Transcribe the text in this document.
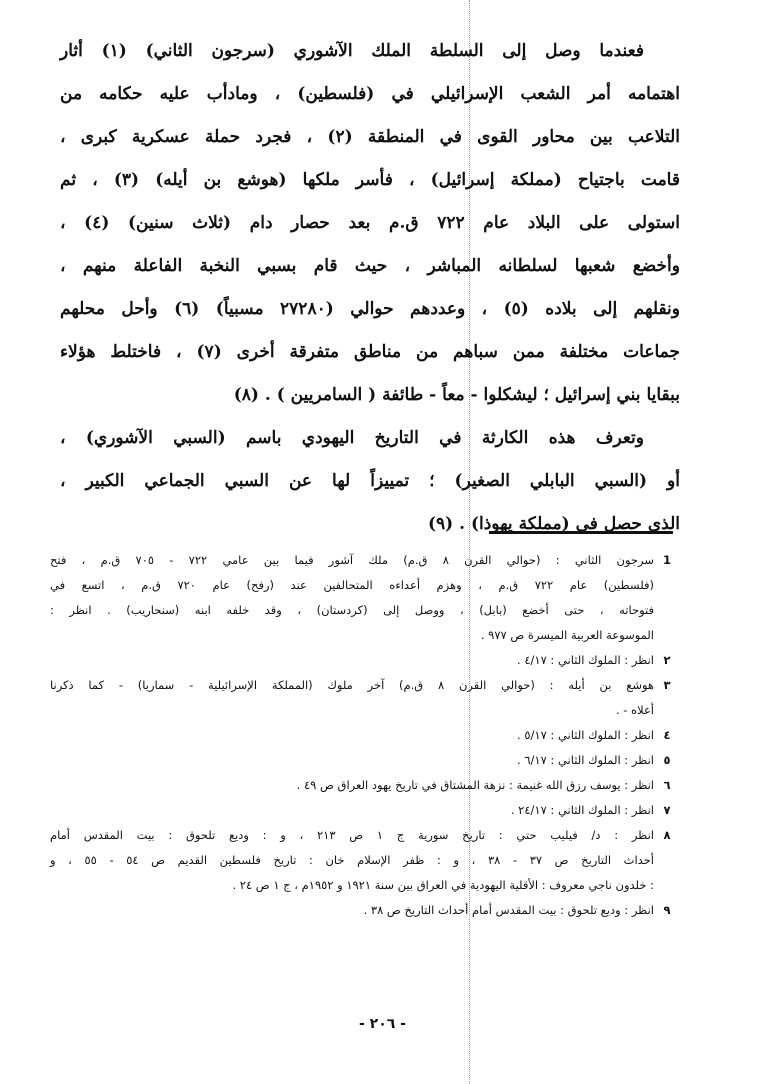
فعندما وصل إلى السلطة الملك الآشوري (سرجون الثاني) (١) أثار
اهتمامه أمر الشعب الإسرائيلي في (فلسطين) ، ومادأب عليه حكامه من
التلاعب بين محاور القوى في المنطقة (٢) ، فجرد حملة عسكرية كبرى ،
قامت باجتياح (مملكة إسرائيل) ، فأسر ملكها (هوشع بن أيله) (٣) ، ثم
استولى على البلاد عام ٧٢٢ ق.م بعد حصار دام (ثلاث سنين) (٤) ،
وأخضع شعبها لسلطانه المباشر ، حيث قام بسبي النخبة الفاعلة منهم ،
ونقلهم إلى بلاده (٥) ، وعددهم حوالي (٢٧٢٨٠ مسبياً) (٦) وأحل محلهم
جماعات مختلفة ممن سباهم من مناطق متفرقة أخرى (٧) ، فاختلط هؤلاء
ببقايا بني إسرائيل ؛ ليشكلوا - معاً - طائفة ( السامريين ) . (٨)
وتعرف هذه الكارثة في التاريخ اليهودي باسم (السبي الآشوري) ،
أو (السبي البابلي الصغير) ؛ تمييزاً لها عن السبي الجماعي الكبير ،
الذي حصل في (مملكة يهوذا) . (٩)
1
سرجون الثاني : (حوالي القرن ٨ ق.م) ملك آشور فيما بين عامي ٧٢٢ - ٧٠٥ ق.م ، فتح
(فلسطين) عام ٧٢٢ ق.م ، وهزم أعداءه المتحالفين عند (رفح) عام ٧٢٠ ق.م ، اتسع في
فتوحاته ، حتى أخضع (بابل) ، ووصل إلى (كردستان) ، وقد خلفه ابنه (سنحاريب) . انظر :
الموسوعة العربية الميسرة ص ٩٧٧ .
٢
انظر : الملوك الثاني : ٤/١٧ .
٣
هوشع بن أيله : (حوالي القرن ٨ ق.م) آخر ملوك (المملكة الإسرائيلية - سماريا) - كما ذكرنا
أعلاه - .
٤
انظر : الملوك الثاني : ٥/١٧ .
٥
انظر : الملوك الثاني : ٦/١٧ .
٦
انظر : يوسف رزق الله غنيمة : نزهة المشتاق في تاريخ يهود العراق ص ٤٩ .
٧
انظر : الملوك الثاني : ٢٤/١٧ .
٨
انظر : د/ فيليب حتي : تاريخ سورية ج ١ ص ٢١٣ ، و : وديع تلحوق : بيت المقدس أمام
أحداث التاريخ ص ٣٧ - ٣٨ ، و : ظفر الإسلام خان : تاريخ فلسطين القديم ص ٥٤ - ٥٥ ، و
: خلدون ناجي معروف : الأقلية اليهودية في العراق بين سنة ١٩٢١ و ١٩٥٢م ، ج ١ ص ٢٤ .
٩
انظر : وديع تلحوق : بيت المقدس أمام أحداث التاريخ ص ٣٨ .
- ٢٠٦ -
